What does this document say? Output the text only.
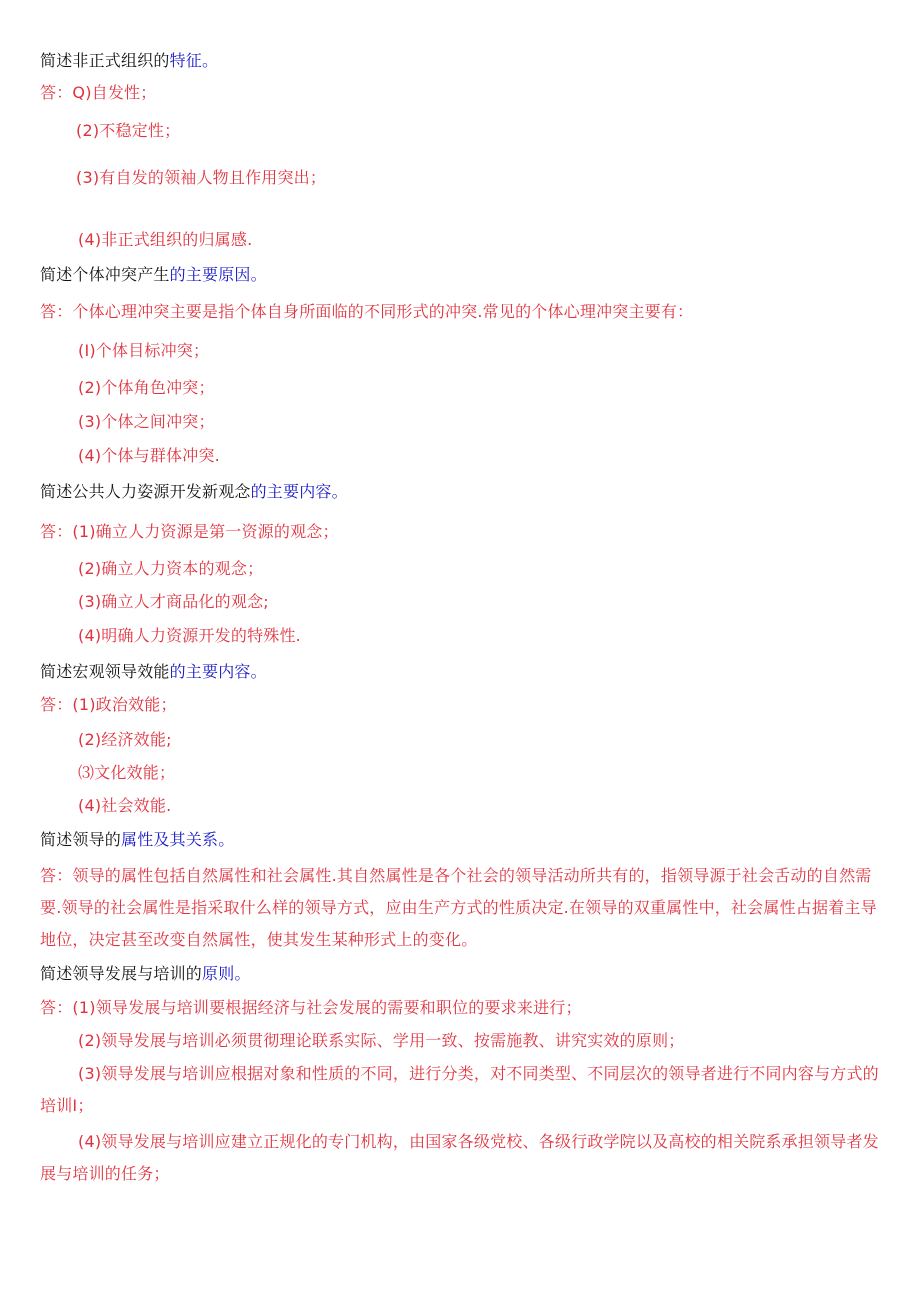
简述非正式组织的特征。
答：Q)自发性；
(2)不稳定性；
(3)有自发的领袖人物且作用突出；
(4)非正式组织的归属感.
简述个体冲突产生的主要原因。
答：个体心理冲突主要是指个体自身所面临的不同形式的冲突.常见的个体心理冲突主要有：
(I)个体目标冲突；
(2)个体角色冲突；
(3)个体之间冲突；
(4)个体与群体冲突.
简述公共人力姿源开发新观念的主要内容。
答：(1)确立人力资源是第一资源的观念；
(2)确立人力资本的观念；
(3)确立人才商品化的观念;
(4)明确人力资源开发的特殊性.
简述宏观领导效能的主要内容。
答：(1)政治效能；
(2)经济效能;
⑶文化效能；
(4)社会效能.
简述领导的属性及其关系。
答：领导的属性包括自然属性和社会属性.其自然属性是各个社会的领导活动所共有的，指领导源于社会舌动的自然需要.领导的社会属性是指采取什么样的领导方式，应由生产方式的性质决定.在领导的双重属性中，社会属性占据着主导地位，决定甚至改变自然属性，使其发生某种形式上的变化。
简述领导发展与培训的原则。
答：(1)领导发展与培训要根据经济与社会发展的需要和职位的要求来进行；
(2)领导发展与培训必须贯彻理论联系实际、学用一致、按需施教、讲究实效的原则；
(3)领导发展与培训应根据对象和性质的不同，进行分类，对不同类型、不同层次的领导者进行不同内容与方式的培训I；
(4)领导发展与培训应建立正规化的专门机构，由国家各级党校、各级行政学院以及高校的相关院系承担领导者发展与培训的任务；
